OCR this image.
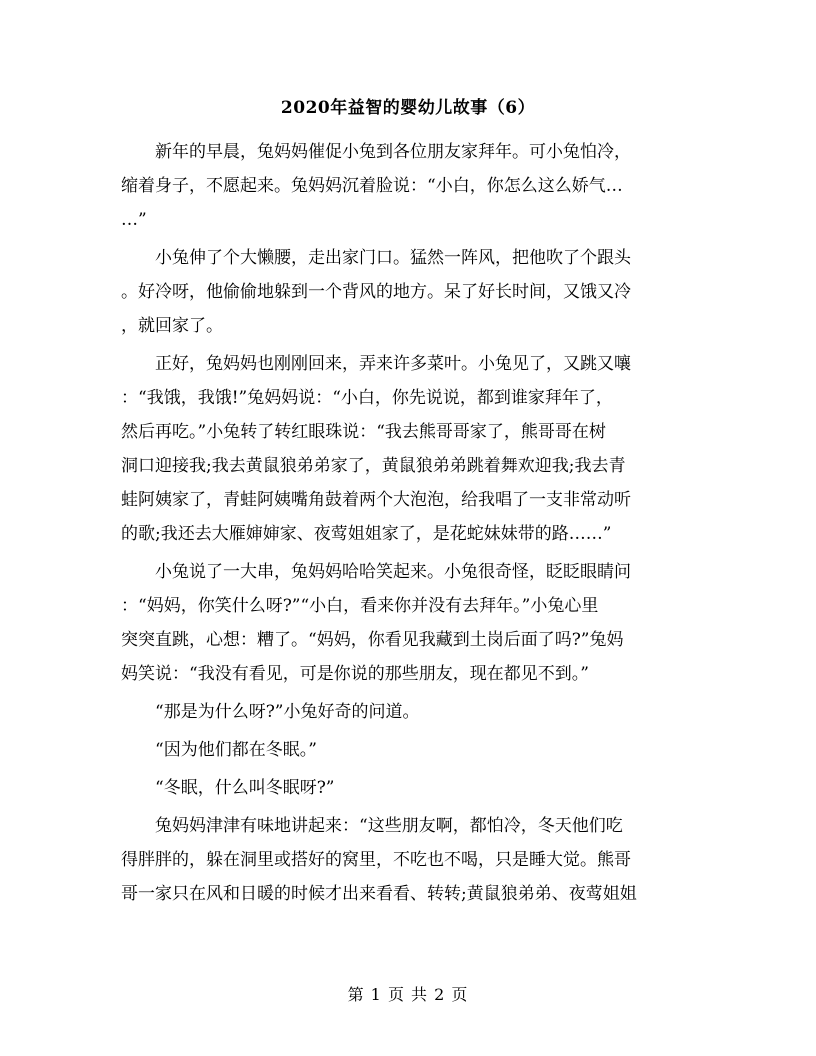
2020年益智的婴幼儿故事（6）
　　新年的早晨，兔妈妈催促小兔到各位朋友家拜年。可小兔怕冷，
缩着身子，不愿起来。兔妈妈沉着脸说：“小白，你怎么这么娇气…
…”
　　小兔伸了个大懒腰，走出家门口。猛然一阵风，把他吹了个跟头
。好冷呀，他偷偷地躲到一个背风的地方。呆了好长时间，又饿又冷
，就回家了。
　　正好，兔妈妈也刚刚回来，弄来许多菜叶。小兔见了，又跳又嚷
：“我饿，我饿!”兔妈妈说：“小白，你先说说，都到谁家拜年了，
然后再吃。”小兔转了转红眼珠说：“我去熊哥哥家了，熊哥哥在树
洞口迎接我;我去黄鼠狼弟弟家了，黄鼠狼弟弟跳着舞欢迎我;我去青
蛙阿姨家了，青蛙阿姨嘴角鼓着两个大泡泡，给我唱了一支非常动听
的歌;我还去大雁婶婶家、夜莺姐姐家了，是花蛇妹妹带的路……”
　　小兔说了一大串，兔妈妈哈哈笑起来。小兔很奇怪，眨眨眼睛问
：“妈妈，你笑什么呀?”“小白，看来你并没有去拜年。”小兔心里
突突直跳，心想：糟了。“妈妈，你看见我藏到土岗后面了吗?”兔妈
妈笑说：“我没有看见，可是你说的那些朋友，现在都见不到。”
　　“那是为什么呀?”小兔好奇的问道。
　　“因为他们都在冬眠。”
　　“冬眠，什么叫冬眠呀?”
　　兔妈妈津津有味地讲起来：“这些朋友啊，都怕冷，冬天他们吃
得胖胖的，躲在洞里或搭好的窝里，不吃也不喝，只是睡大觉。熊哥
哥一家只在风和日暖的时候才出来看看、转转;黄鼠狼弟弟、夜莺姐姐
第 1 页 共 2 页
